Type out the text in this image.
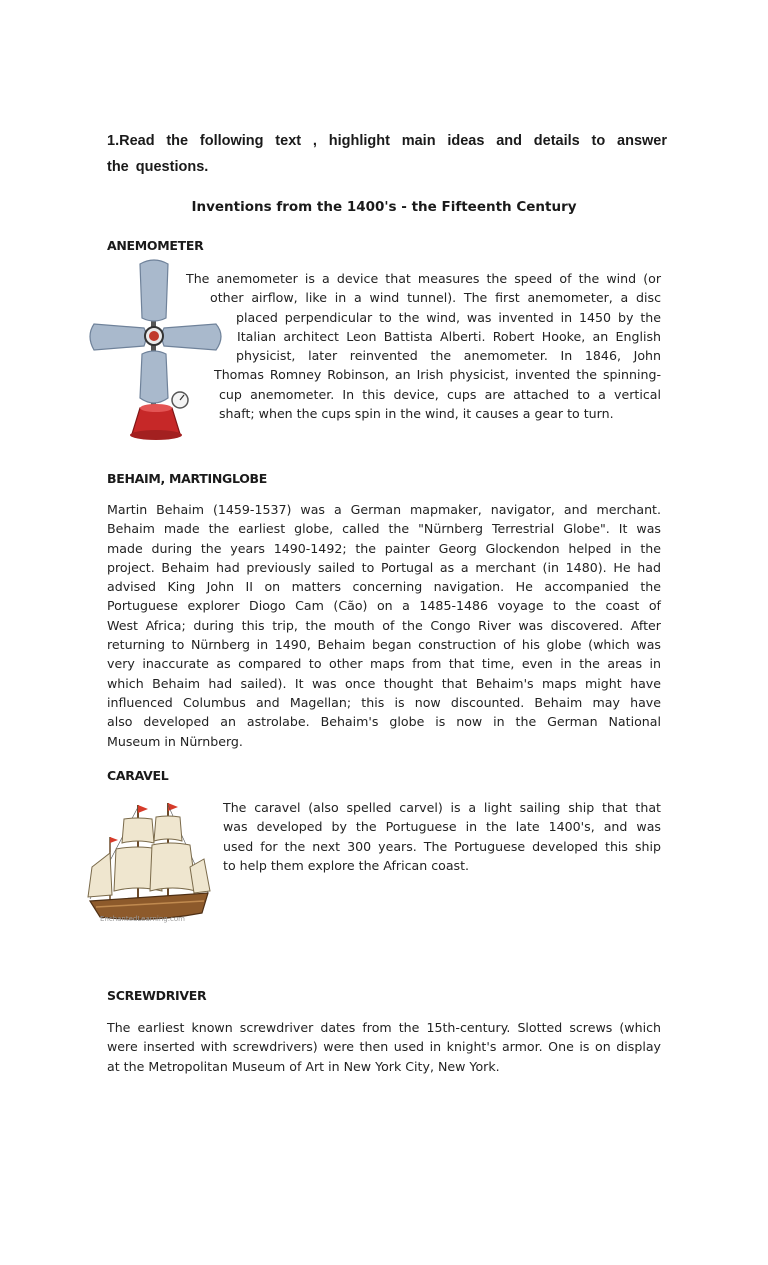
1.Read the following text , highlight main ideas and details to answer
the questions.

Inventions from the 1400's - the Fifteenth Century
ANEMOMETER
The anemometer is a device that measures the speed of the wind (or
other airflow, like in a wind tunnel). The first anemometer, a disc
placed perpendicular to the wind, was invented in 1450 by the
Italian architect Leon Battista Alberti. Robert Hooke, an English
physicist, later reinvented the anemometer. In 1846, John
Thomas Romney Robinson, an Irish physicist, invented the spinning-
cup anemometer. In this device, cups are attached to a vertical
shaft; when the cups spin in the wind, it causes a gear to turn.
BEHAIM, MARTINGLOBE
Martin Behaim (1459-1537) was a German mapmaker, navigator, and merchant.
Behaim made the earliest globe, called the "Nürnberg Terrestrial Globe". It was
made during the years 1490-1492; the painter Georg Glockendon helped in the
project. Behaim had previously sailed to Portugal as a merchant (in 1480). He had
advised King John II on matters concerning navigation. He accompanied the
Portuguese explorer Diogo Cam (Cão) on a 1485-1486 voyage to the coast of
West Africa; during this trip, the mouth of the Congo River was discovered. After
returning to Nürnberg in 1490, Behaim began construction of his globe (which was
very inaccurate as compared to other maps from that time, even in the areas in
which Behaim had sailed). It was once thought that Behaim's maps might have
influenced Columbus and Magellan; this is now discounted. Behaim may have
also developed an astrolabe. Behaim's globe is now in the German National
Museum in Nürnberg.
CARAVEL
EnchantedLearning.com
The caravel (also spelled carvel) is a light sailing ship that that
was developed by the Portuguese in the late 1400's, and was
used for the next 300 years. The Portuguese developed this ship
to help them explore the African coast.
SCREWDRIVER
The earliest known screwdriver dates from the 15th-century. Slotted screws (which
were inserted with screwdrivers) were then used in knight's armor. One is on display
at the Metropolitan Museum of Art in New York City, New York.
